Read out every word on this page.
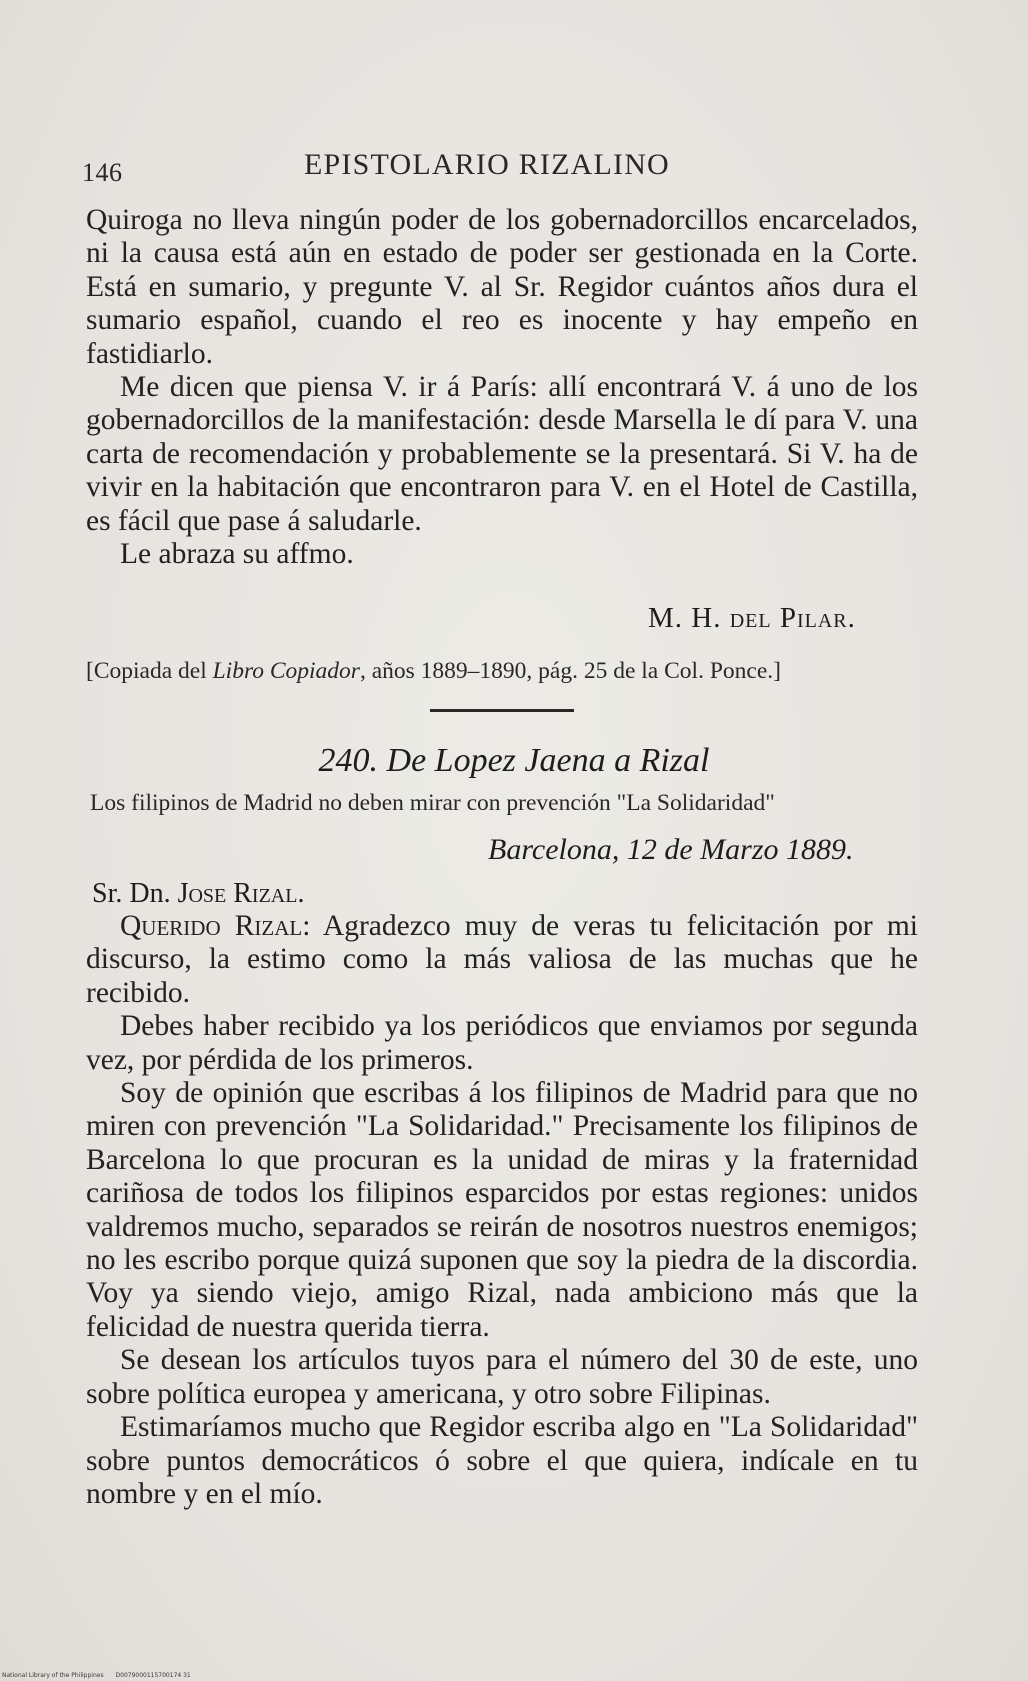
146	EPISTOLARIO RIZALINO

Quiroga no lleva ningún poder de los gobernadorcillos encarcelados, ni la causa está aún en estado de poder ser gestionada en la Corte. Está en sumario, y pregunte V. al Sr. Regidor cuántos años dura el sumario español, cuando el reo es inocente y hay empeño en fastidiarlo.

Me dicen que piensa V. ir á París: allí encontrará V. á uno de los gobernadorcillos de la manifestación: desde Marsella le dí para V. una carta de recomendación y probablemente se la presentará. Si V. ha de vivir en la habitación que encontraron para V. en el Hotel de Castilla, es fácil que pase á saludarle.

Le abraza su affmo.

M. H. del Pilar.
[Copiada del Libro Copiador, años 1889–1890, pág. 25 de la Col. Ponce.]
240. De Lopez Jaena a Rizal
Los filipinos de Madrid no deben mirar con prevención "La Solidaridad"
Barcelona, 12 de Marzo 1889.
Sr. Dn. Jose Rizal.

Querido Rizal: Agradezco muy de veras tu felicitación por mi discurso, la estimo como la más valiosa de las muchas que he recibido.

Debes haber recibido ya los periódicos que enviamos por segunda vez, por pérdida de los primeros.

Soy de opinión que escribas á los filipinos de Madrid para que no miren con prevención "La Solidaridad." Precisamente los filipinos de Barcelona lo que procuran es la unidad de miras y la fraternidad cariñosa de todos los filipinos esparcidos por estas regiones: unidos valdremos mucho, separados se reirán de nosotros nuestros enemigos; no les escribo porque quizá suponen que soy la piedra de la discordia. Voy ya siendo viejo, amigo Rizal, nada ambiciono más que la felicidad de nuestra querida tierra.

Se desean los artículos tuyos para el número del 30 de este, uno sobre política europea y americana, y otro sobre Filipinas.

Estimaríamos mucho que Regidor escriba algo en "La Solidaridad" sobre puntos democráticos ó sobre el que quiera, indícale en tu nombre y en el mío.

National Library of the Philippines D0079000115700174 31
